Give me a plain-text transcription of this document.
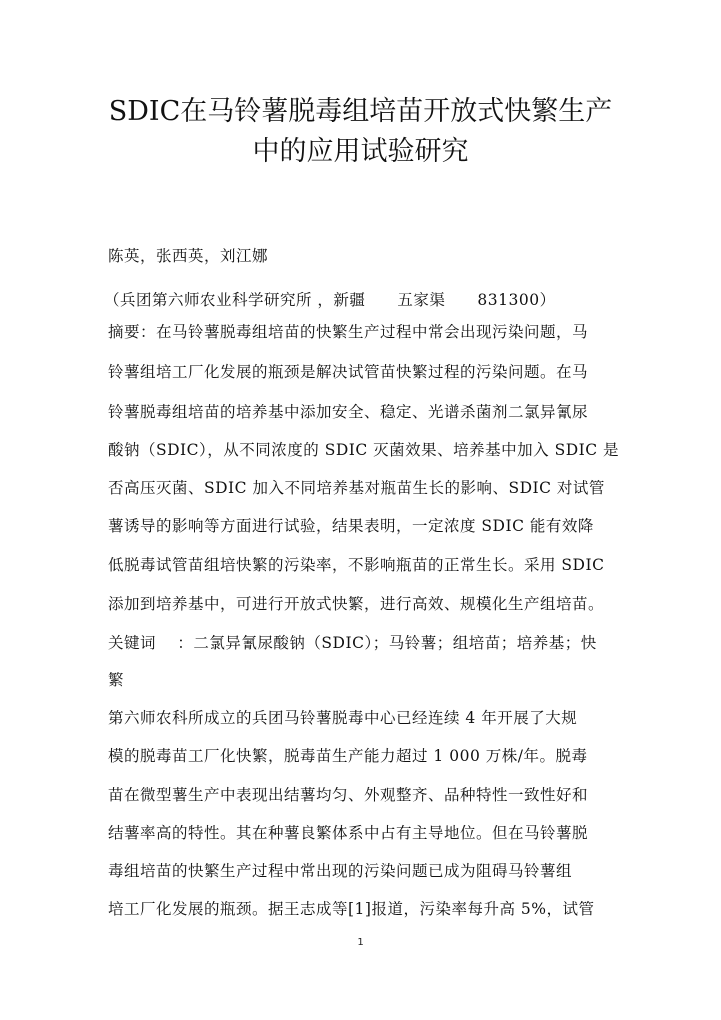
SDIC在马铃薯脱毒组培苗开放式快繁生产
中的应用试验研究
陈英，张西英，刘江娜
（兵团第六师农业科学研究所 ，新疆　　五家渠　　831300）
摘要：在马铃薯脱毒组培苗的快繁生产过程中常会出现污染问题，马
铃薯组培工厂化发展的瓶颈是解决试管苗快繁过程的污染问题。在马
铃薯脱毒组培苗的培养基中添加安全、稳定、光谱杀菌剂二氯异氰尿
酸钠（SDIC），从不同浓度的 SDIC 灭菌效果、培养基中加入 SDIC 是
否高压灭菌、SDIC 加入不同培养基对瓶苗生长的影响、SDIC 对试管
薯诱导的影响等方面进行试验，结果表明，一定浓度 SDIC 能有效降
低脱毒试管苗组培快繁的污染率，不影响瓶苗的正常生长。采用 SDIC
添加到培养基中，可进行开放式快繁，进行高效、规模化生产组培苗。
关键词　 ：二氯异氰尿酸钠（SDIC）；马铃薯；组培苗；培养基；快
繁
第六师农科所成立的兵团马铃薯脱毒中心已经连续 4 年开展了大规
模的脱毒苗工厂化快繁，脱毒苗生产能力超过 1 000 万株/年。脱毒
苗在微型薯生产中表现出结薯均匀、外观整齐、品种特性一致性好和
结薯率高的特性。其在种薯良繁体系中占有主导地位。但在马铃薯脱
毒组培苗的快繁生产过程中常出现的污染问题已成为阻碍马铃薯组
培工厂化发展的瓶颈。据王志成等[1]报道，污染率每升高 5%，试管
1
